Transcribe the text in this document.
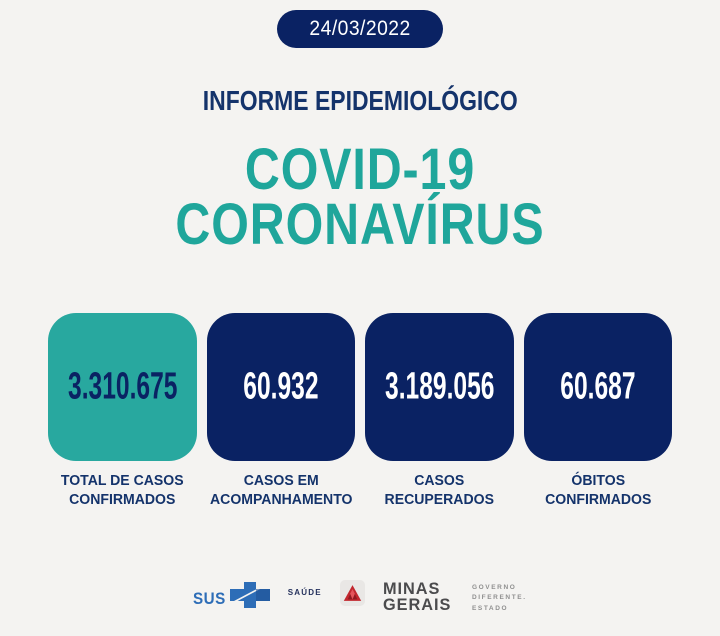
24/03/2022
INFORME EPIDEMIOLÓGICO
COVID-19
CORONAVÍRUS
3.310.675
TOTAL DE CASOS
CONFIRMADOS
60.932
CASOS EM
ACOMPANHAMENTO
3.189.056
CASOS
RECUPERADOS
60.687
ÓBITOS
CONFIRMADOS
SUS	SAÚDE	MINAS
GERAIS
GOVERNO
DIFERENTE.
ESTADO
